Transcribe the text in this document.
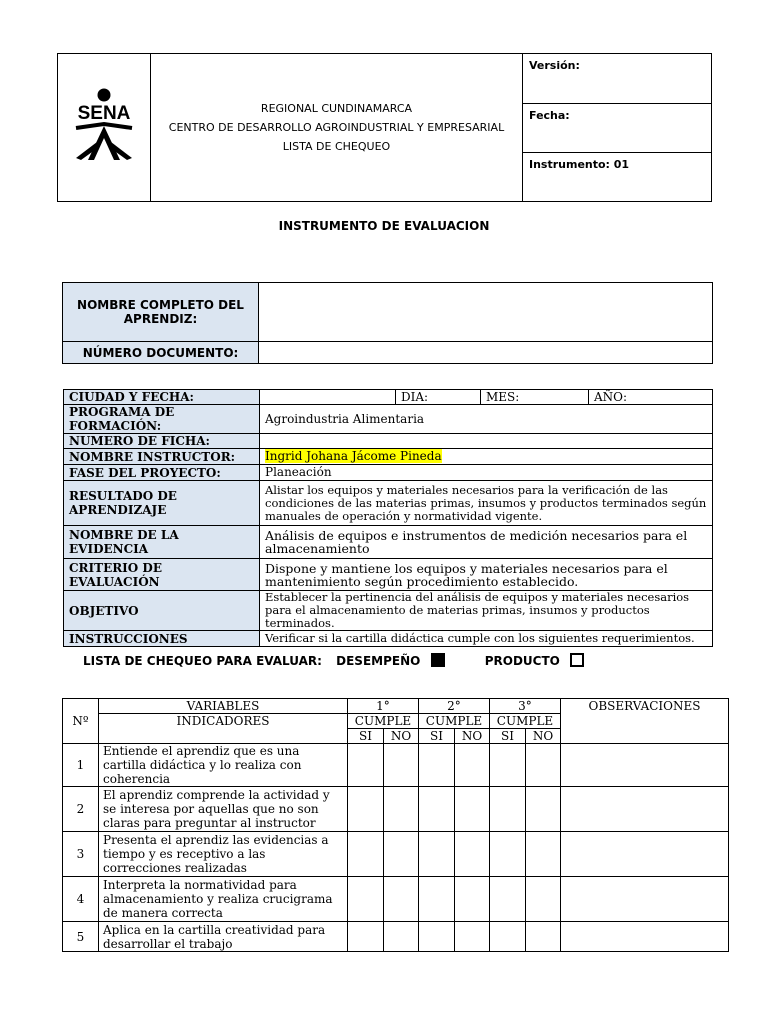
SENA	REGIONAL CUNDINAMARCA
CENTRO DE DESARROLLO AGROINDUSTRIAL Y EMPRESARIAL
LISTA DE CHEQUEO
	Versión:
Fecha:
Instrumento: 01
INSTRUMENTO DE EVALUACION
NOMBRE COMPLETO DEL APRENDIZ:	
NÚMERO DOCUMENTO:	
CIUDAD Y FECHA:		DIA:	MES:	AÑO:
PROGRAMA DE FORMACIÓN:	Agroindustria Alimentaria			
NUMERO DE FICHA:				
NOMBRE INSTRUCTOR:	Ingrid Johana Jácome Pineda			
FASE DEL PROYECTO:	Planeación			
RESULTADO DE APRENDIZAJE	Alistar los equipos y materiales necesarios para la verificación de las condiciones de las materias primas, insumos y productos terminados según manuales de operación y normatividad vigente.			
NOMBRE DE LA EVIDENCIA	Análisis de equipos e instrumentos de medición necesarios para el almacenamiento			
CRITERIO DE EVALUACIÓN	Dispone y mantiene los equipos y materiales necesarios para el mantenimiento según procedimiento establecido.			
OBJETIVO	Establecer la pertinencia del análisis de equipos y materiales necesarios para el almacenamiento de materias primas, insumos y productos terminados.			
INSTRUCCIONES	Verificar si la cartilla didáctica cumple con los siguientes requerimientos.			
LISTA DE CHEQUEO PARA EVALUAR: DESEMPEÑO	PRODUCTO
Nº	VARIABLES	1°		2°		3°		OBSERVACIONES
	INDICADORES	CUMPLE		CUMPLE		CUMPLE		
		SI	NO	SI	NO	SI	NO	
1	Entiende el aprendiz que es una cartilla didáctica y lo realiza con coherencia							
2	El aprendiz comprende la actividad y se interesa por aquellas que no son claras para preguntar al instructor							
3	Presenta el aprendiz las evidencias a tiempo y es receptivo a las correcciones realizadas							
4	Interpreta la normatividad para almacenamiento y realiza crucigrama de manera correcta							
5	Aplica en la cartilla creatividad para desarrollar el trabajo							
